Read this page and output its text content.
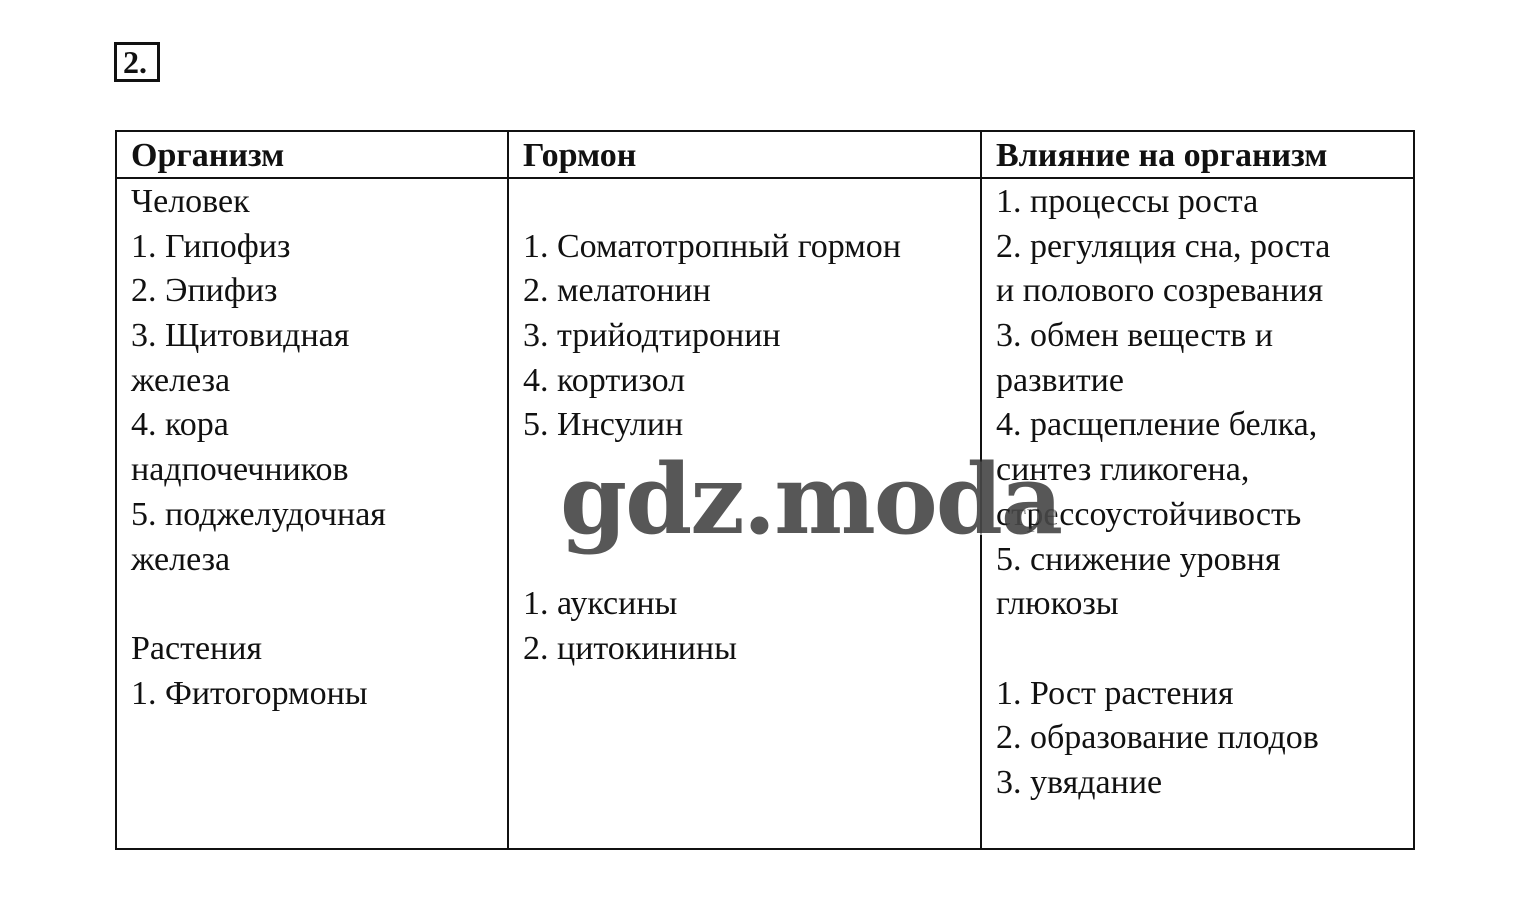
2.
Организм
Человек
1. Гипофиз
2. Эпифиз
3. Щитовидная
железа
4. кора
надпочечников
5. поджелудочная
железа
Растения
1. Фитогормоны
Гормон
1. Соматотропный гормон
2. мелатонин
3. трийодтиронин
4. кортизол
5. Инсулин
1. ауксины
2. цитокинины
Влияние на организм
1. процессы роста
2. регуляция сна, роста
и полового созревания
3. обмен веществ и
развитие
4. расщепление белка,
синтез гликогена,
стрессоустойчивость
5. снижение уровня
глюкозы
1. Рост растения
2. образование плодов
3. увядание
gdz.moda
